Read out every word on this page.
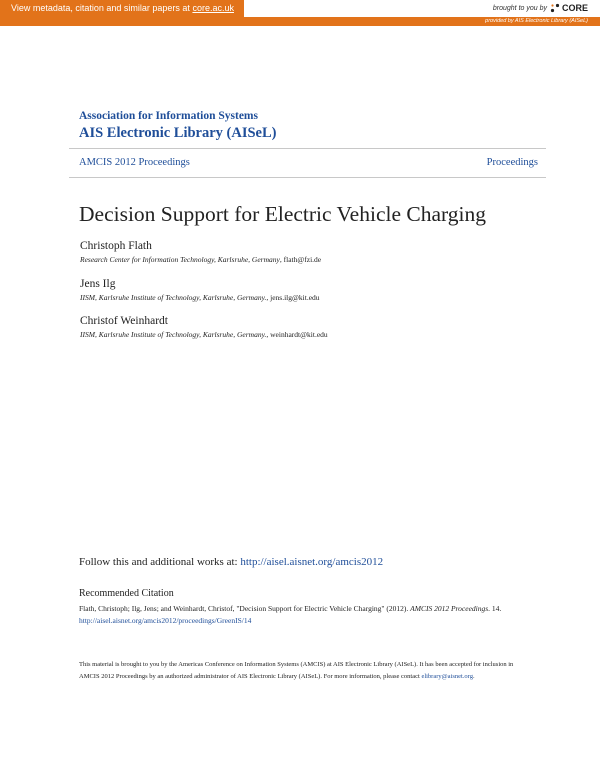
View metadata, citation and similar papers at core.ac.uk	brought to you by CORE
provided by AIS Electronic Library (AISeL)
Association for Information Systems
AIS Electronic Library (AISeL)
AMCIS 2012 Proceedings	Proceedings
Decision Support for Electric Vehicle Charging
Christoph Flath
Research Center for Information Technology, Karlsruhe, Germany, flath@fzi.de
Jens Ilg
IISM, Karlsruhe Institute of Technology, Karlsruhe, Germany., jens.ilg@kit.edu
Christof Weinhardt
IISM, Karlsruhe Institute of Technology, Karlsruhe, Germany., weinhardt@kit.edu
Follow this and additional works at: http://aisel.aisnet.org/amcis2012
Recommended Citation
Flath, Christoph; Ilg, Jens; and Weinhardt, Christof, "Decision Support for Electric Vehicle Charging" (2012). AMCIS 2012 Proceedings. 14.
http://aisel.aisnet.org/amcis2012/proceedings/GreenIS/14
This material is brought to you by the Americas Conference on Information Systems (AMCIS) at AIS Electronic Library (AISeL). It has been accepted for inclusion in AMCIS 2012 Proceedings by an authorized administrator of AIS Electronic Library (AISeL). For more information, please contact elibrary@aisnet.org.
